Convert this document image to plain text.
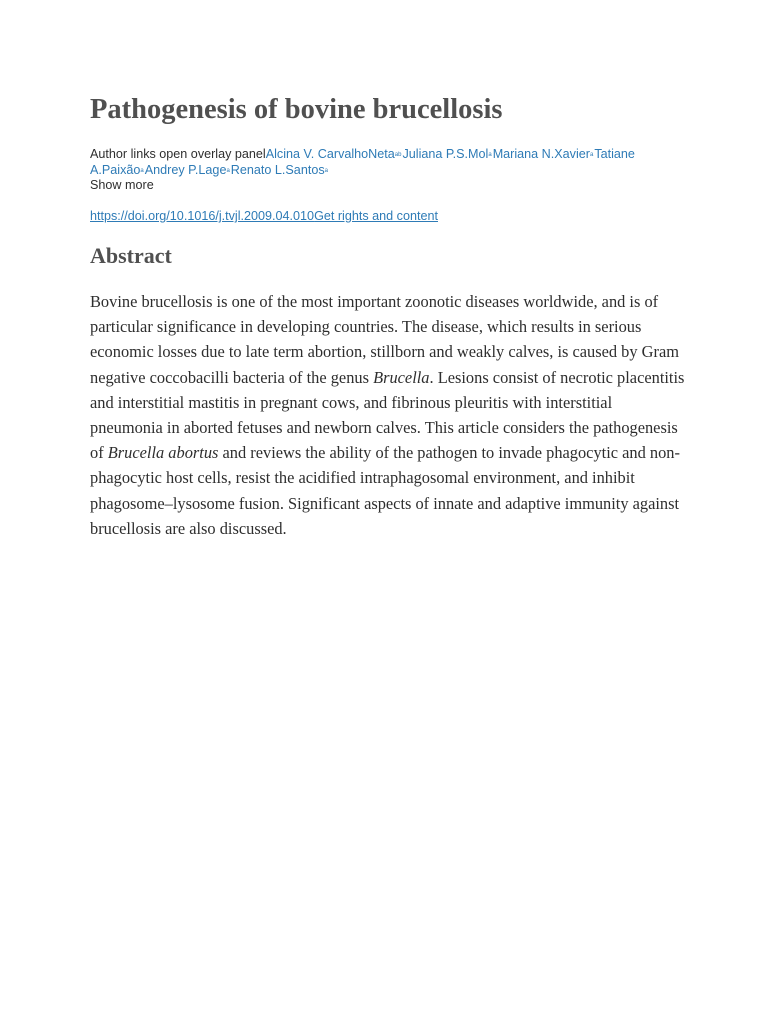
Pathogenesis of bovine brucellosis
Author links open overlay panelAlcina V. CarvalhoNeta$^{ab}$Juliana P.S.Mol$^a$Mariana N.Xavier$^a$Tatiane A.Paixão$^a$Andrey P.Lage$^a$Renato L.Santos$^a$
Show more
https://doi.org/10.1016/j.tvjl.2009.04.010Get rights and content
Abstract

Bovine brucellosis is one of the most important zoonotic diseases worldwide, and is of particular significance in developing countries. The disease, which results in serious economic losses due to late term abortion, stillborn and weakly calves, is caused by Gram negative coccobacilli bacteria of the genus Brucella. Lesions consist of necrotic placentitis and interstitial mastitis in pregnant cows, and fibrinous pleuritis with interstitial pneumonia in aborted fetuses and newborn calves. This article considers the pathogenesis of Brucella abortus and reviews the ability of the pathogen to invade phagocytic and non-phagocytic host cells, resist the acidified intraphagosomal environment, and inhibit phagosome–lysosome fusion. Significant aspects of innate and adaptive immunity against brucellosis are also discussed.
